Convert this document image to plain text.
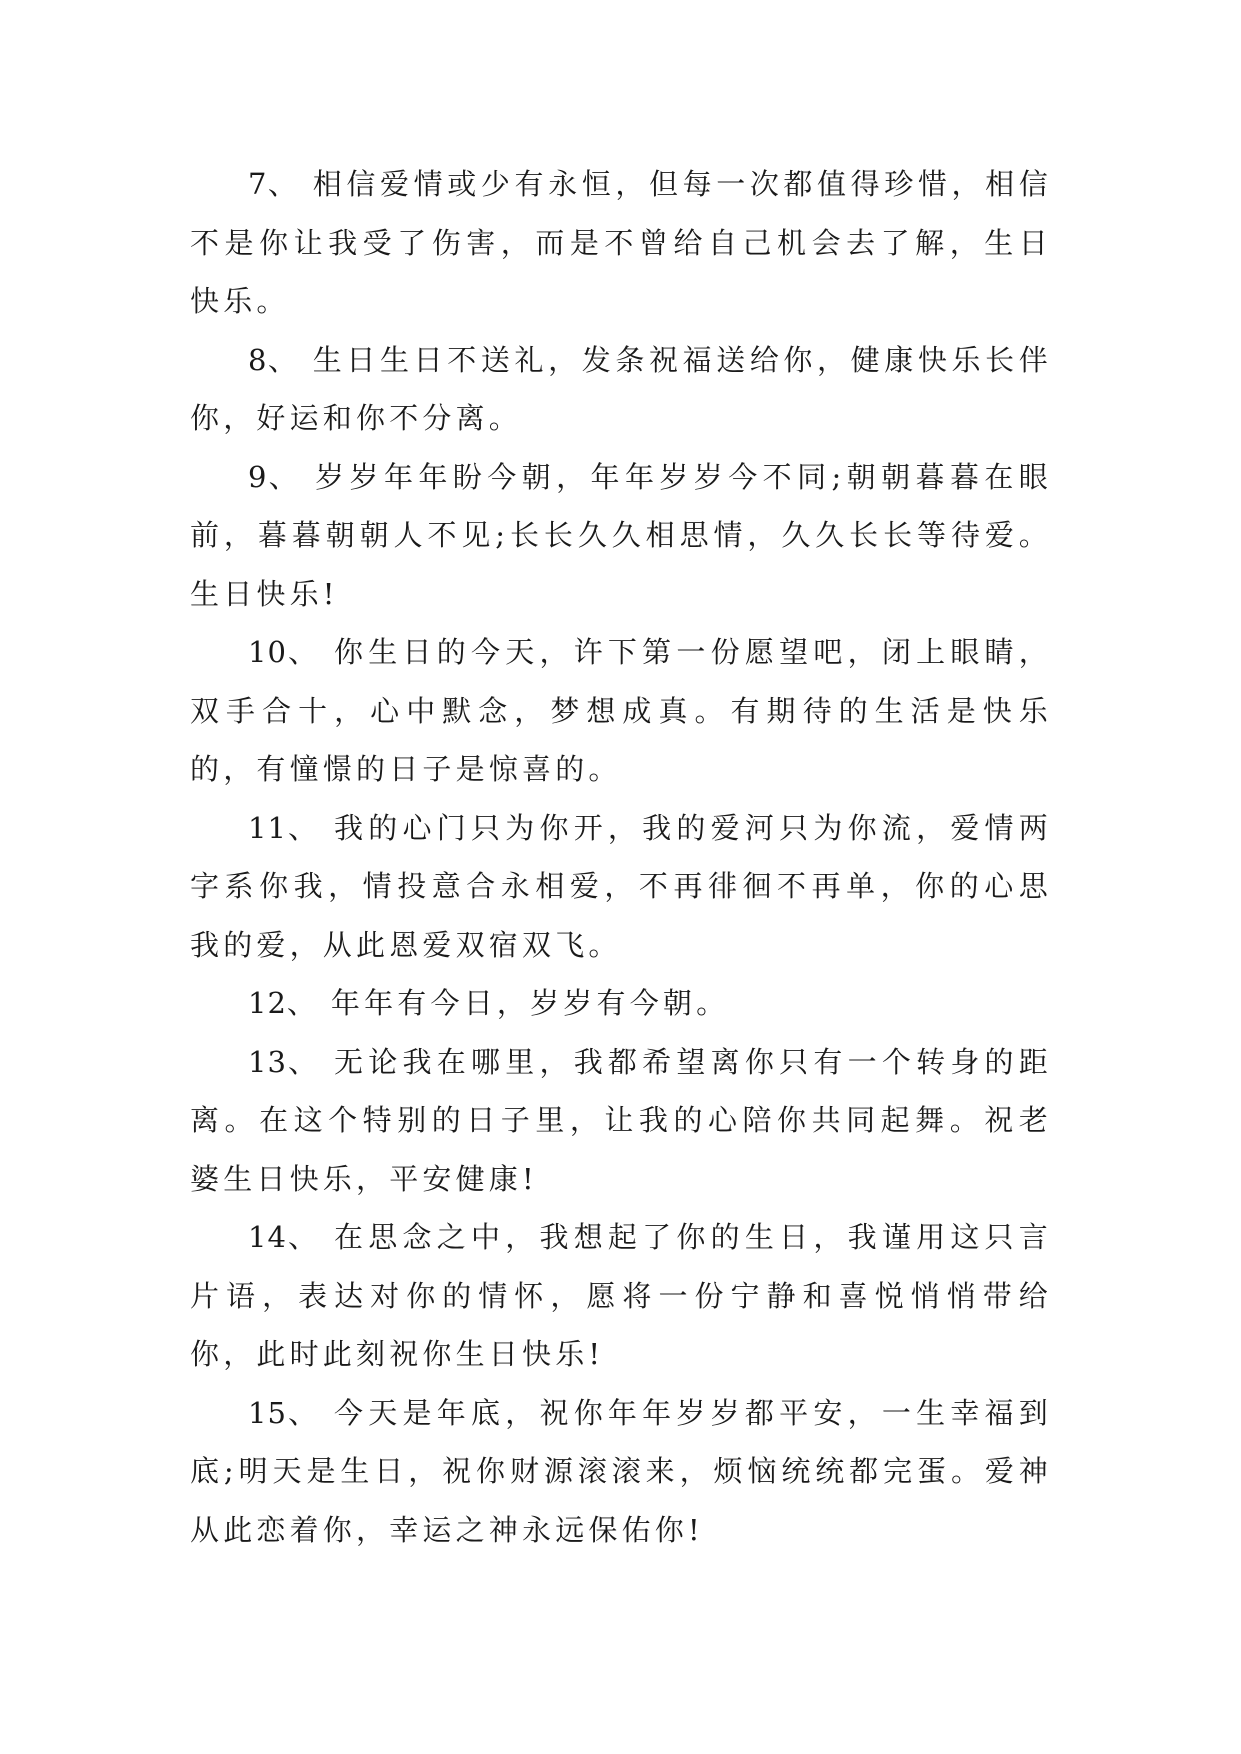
7、 相信爱情或少有永恒，但每一次都值得珍惜，相信不是你让我受了伤害，而是不曾给自己机会去了解，生日快乐。

8、 生日生日不送礼，发条祝福送给你，健康快乐长伴你，好运和你不分离。

9、 岁岁年年盼今朝，年年岁岁今不同;朝朝暮暮在眼前，暮暮朝朝人不见;长长久久相思情，久久长长等待爱。生日快乐!

10、 你生日的今天，许下第一份愿望吧，闭上眼睛，双手合十，心中默念，梦想成真。有期待的生活是快乐的，有憧憬的日子是惊喜的。

11、 我的心门只为你开，我的爱河只为你流，爱情两字系你我，情投意合永相爱，不再徘徊不再单，你的心思我的爱，从此恩爱双宿双飞。

12、 年年有今日，岁岁有今朝。

13、 无论我在哪里，我都希望离你只有一个转身的距离。在这个特别的日子里，让我的心陪你共同起舞。祝老婆生日快乐，平安健康!

14、 在思念之中，我想起了你的生日，我谨用这只言片语，表达对你的情怀，愿将一份宁静和喜悦悄悄带给你，此时此刻祝你生日快乐!

15、 今天是年底，祝你年年岁岁都平安，一生幸福到底;明天是生日，祝你财源滚滚来，烦恼统统都完蛋。爱神从此恋着你，幸运之神永远保佑你!
